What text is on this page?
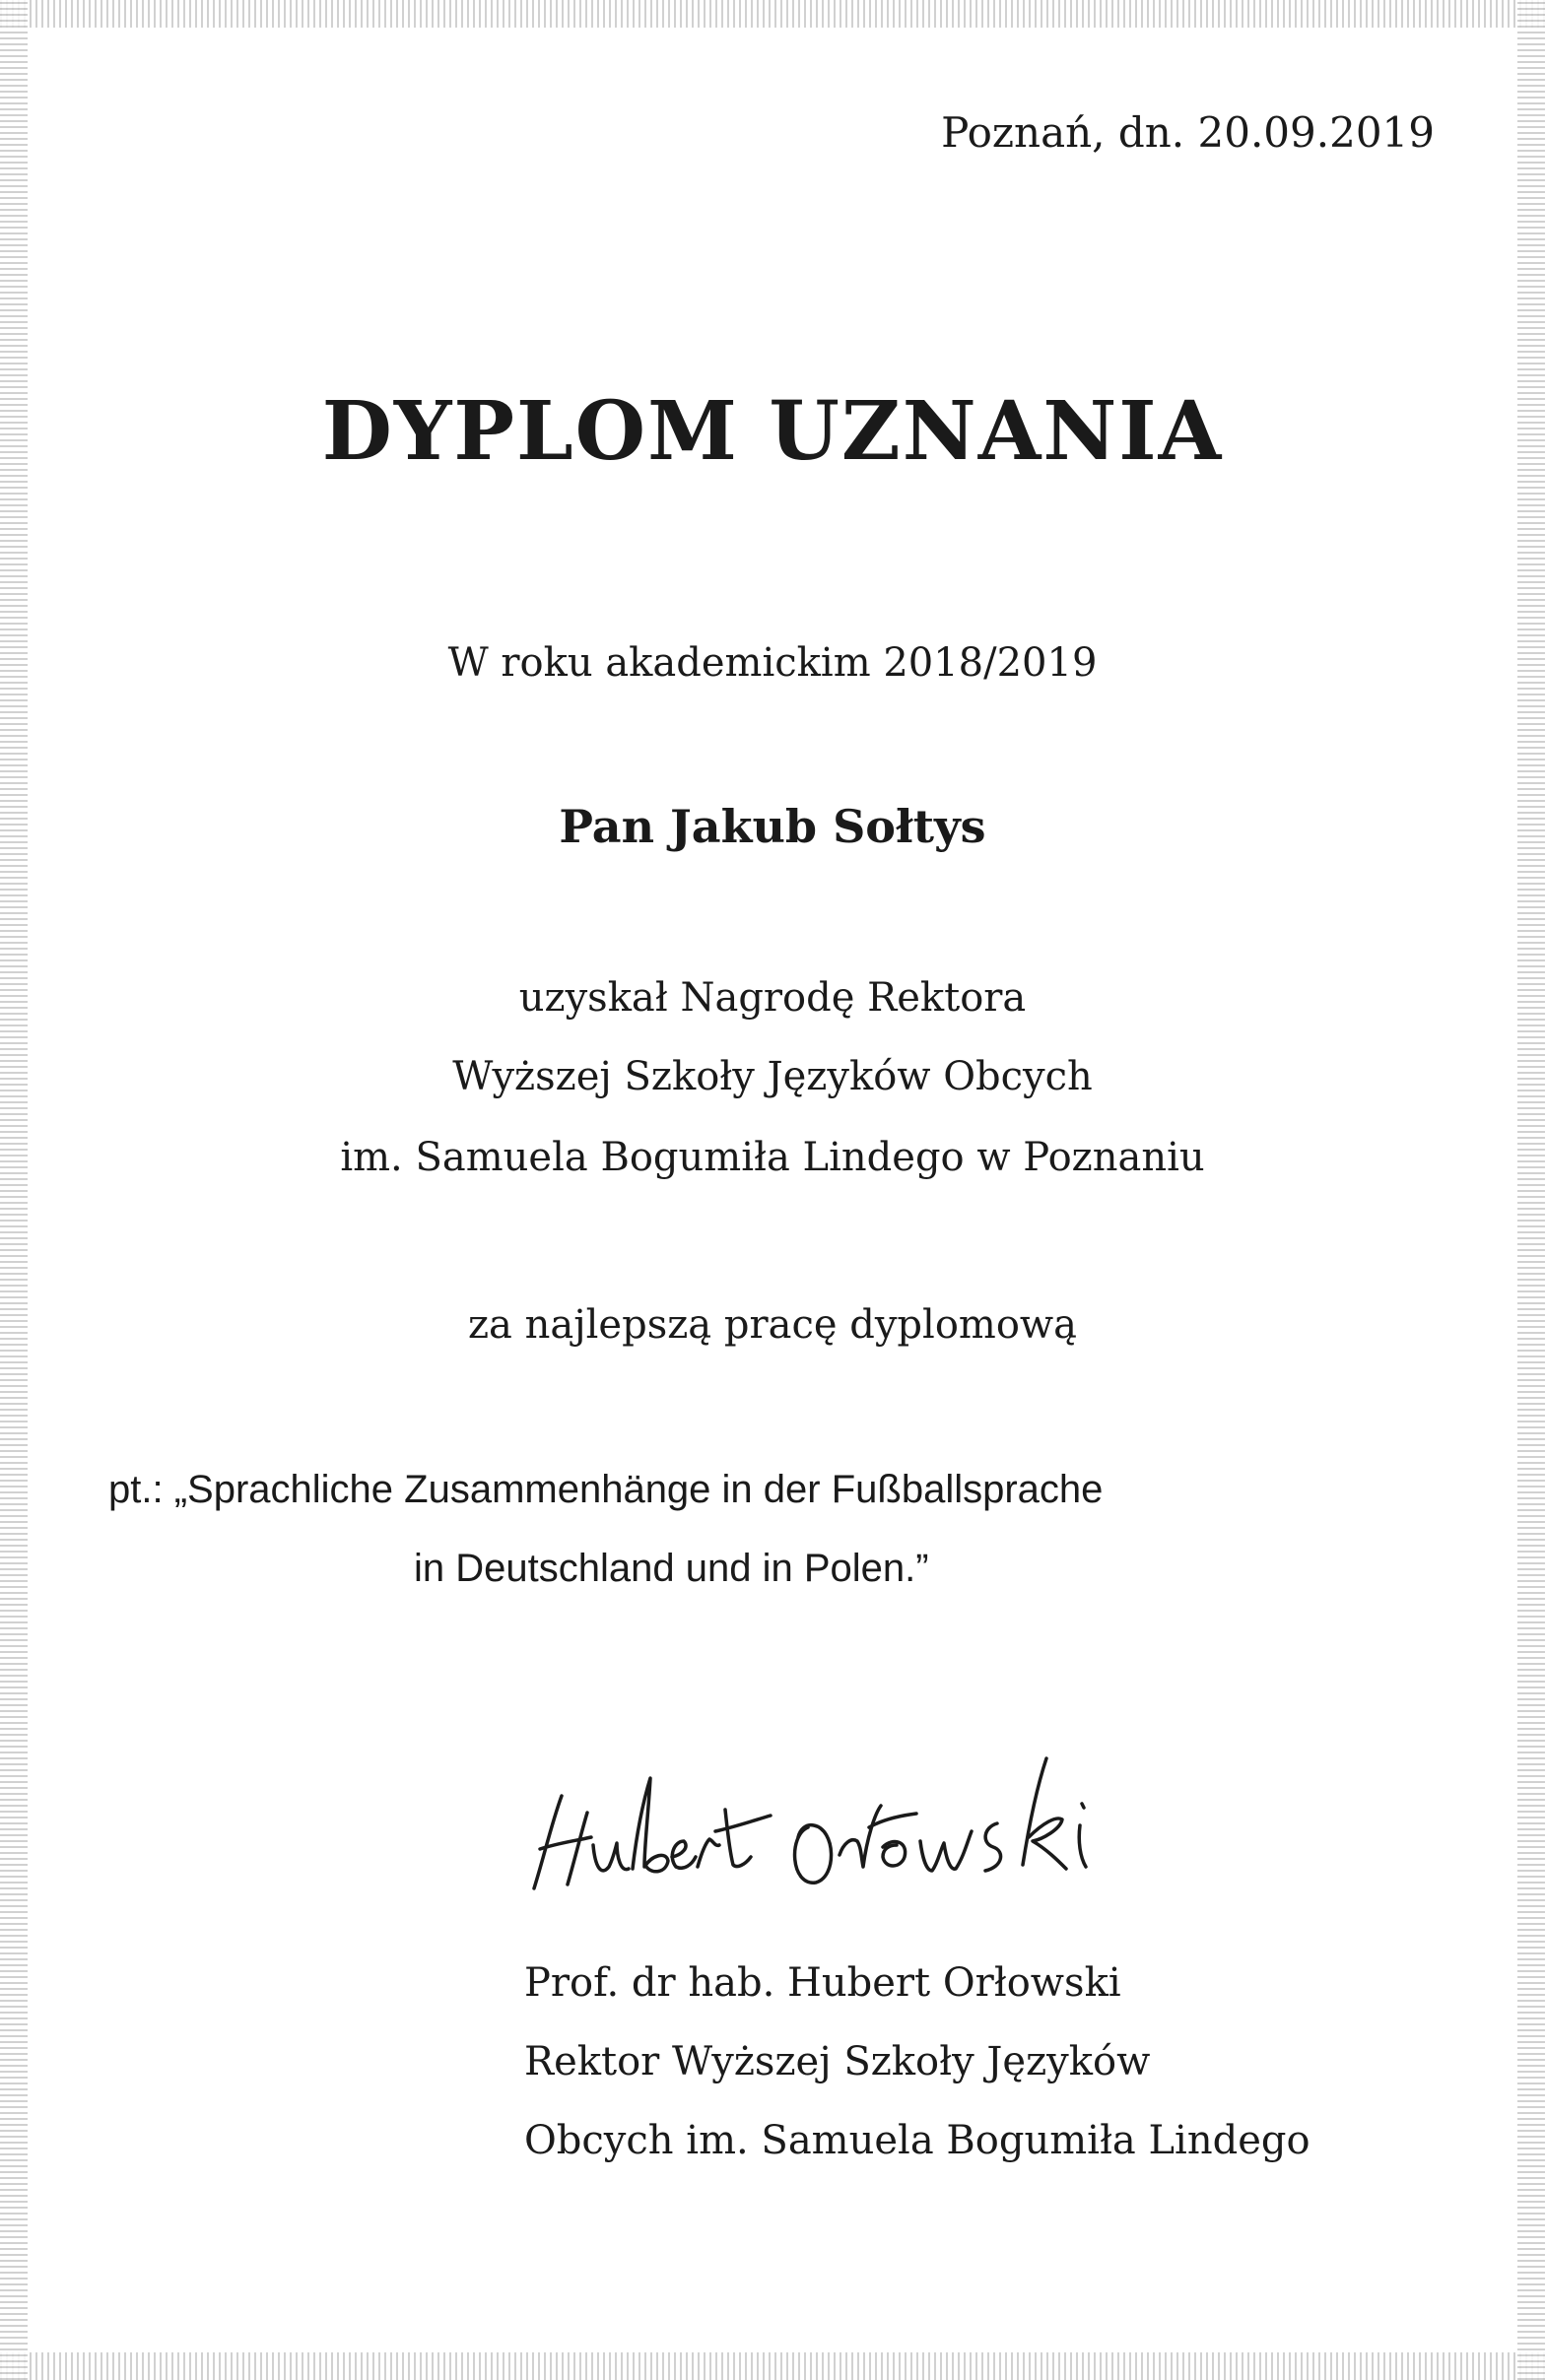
Poznań, dn. 20.09.2019
DYPLOM UZNANIA
W roku akademickim 2018/2019
Pan Jakub Sołtys
uzyskał Nagrodę Rektora
Wyższej Szkoły Języków Obcych
im. Samuela Bogumiła Lindego w Poznaniu
za najlepszą pracę dyplomową
pt.: „Sprachliche Zusammenhänge in der Fußballsprache
in Deutschland und in Polen.”
Prof. dr hab. Hubert Orłowski
Rektor Wyższej Szkoły Języków
Obcych im. Samuela Bogumiła Lindego
